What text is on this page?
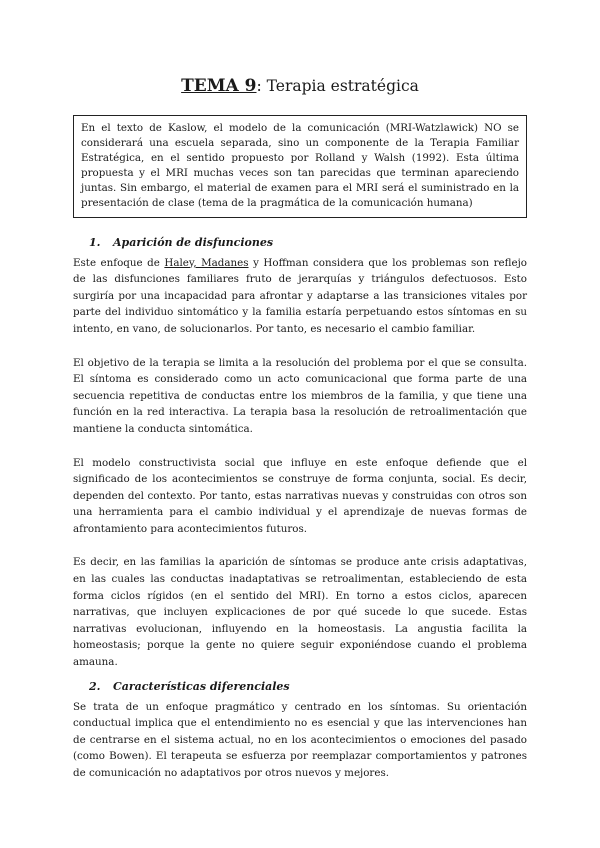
TEMA 9: Terapia estratégica
En el texto de Kaslow, el modelo de la comunicación (MRI-Watzlawick) NO se considerará una escuela separada, sino un componente de la Terapia Familiar Estratégica, en el sentido propuesto por Rolland y Walsh (1992). Esta última propuesta y el MRI muchas veces son tan parecidas que terminan apareciendo juntas. Sin embargo, el material de examen para el MRI será el suministrado en la presentación de clase (tema de la pragmática de la comunicación humana)
1. Aparición de disfunciones

Este enfoque de Haley, Madanes y Hoffman considera que los problemas son reflejo de las disfunciones familiares fruto de jerarquías y triángulos defectuosos. Esto surgiría por una incapacidad para afrontar y adaptarse a las transiciones vitales por parte del individuo sintomático y la familia estaría perpetuando estos síntomas en su intento, en vano, de solucionarlos. Por tanto, es necesario el cambio familiar.

El objetivo de la terapia se limita a la resolución del problema por el que se consulta. El síntoma es considerado como un acto comunicacional que forma parte de una secuencia repetitiva de conductas entre los miembros de la familia, y que tiene una función en la red interactiva. La terapia basa la resolución de retroalimentación que mantiene la conducta sintomática.

El modelo constructivista social que influye en este enfoque defiende que el significado de los acontecimientos se construye de forma conjunta, social. Es decir, dependen del contexto. Por tanto, estas narrativas nuevas y construidas con otros son una herramienta para el cambio individual y el aprendizaje de nuevas formas de afrontamiento para acontecimientos futuros.

Es decir, en las familias la aparición de síntomas se produce ante crisis adaptativas, en las cuales las conductas inadaptativas se retroalimentan, estableciendo de esta forma ciclos rígidos (en el sentido del MRI). En torno a estos ciclos, aparecen narrativas, que incluyen explicaciones de por qué sucede lo que sucede. Estas narrativas evolucionan, influyendo en la homeostasis. La angustia facilita la homeostasis; porque la gente no quiere seguir exponiéndose cuando el problema amauna.

2. Características diferenciales

Se trata de un enfoque pragmático y centrado en los síntomas. Su orientación conductual implica que el entendimiento no es esencial y que las intervenciones han de centrarse en el sistema actual, no en los acontecimientos o emociones del pasado (como Bowen). El terapeuta se esfuerza por reemplazar comportamientos y patrones de comunicación no adaptativos por otros nuevos y mejores.
